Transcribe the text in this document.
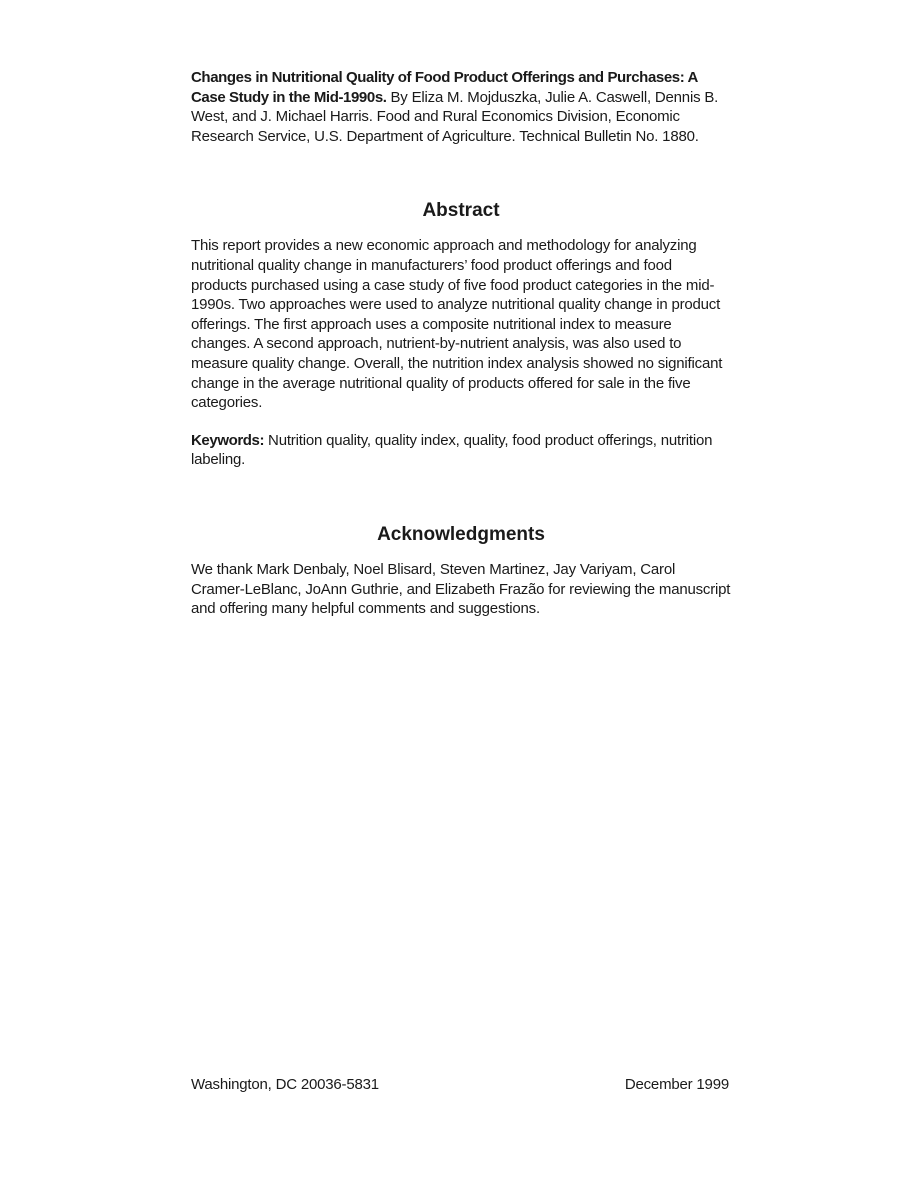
Changes in Nutritional Quality of Food Product Offerings and Purchases: A Case Study in the Mid-1990s. By Eliza M. Mojduszka, Julie A. Caswell, Dennis B. West, and J. Michael Harris. Food and Rural Economics Division, Economic Research Service, U.S. Department of Agriculture. Technical Bulletin No. 1880.

Abstract

This report provides a new economic approach and methodology for analyzing nutritional quality change in manufacturers’ food product offerings and food products purchased using a case study of five food product categories in the mid-1990s. Two approaches were used to analyze nutritional quality change in product offerings. The first approach uses a composite nutritional index to measure changes. A second approach, nutrient-by-nutrient analysis, was also used to measure quality change. Overall, the nutrition index analysis showed no significant change in the average nutritional quality of products offered for sale in the five categories.

Keywords: Nutrition quality, quality index, quality, food product offerings, nutrition labeling.

Acknowledgments

We thank Mark Denbaly, Noel Blisard, Steven Martinez, Jay Variyam, Carol Cramer-LeBlanc, JoAnn Guthrie, and Elizabeth Frazão for reviewing the manuscript and offering many helpful comments and suggestions.

Washington, DC 20036-5831	December 1999
